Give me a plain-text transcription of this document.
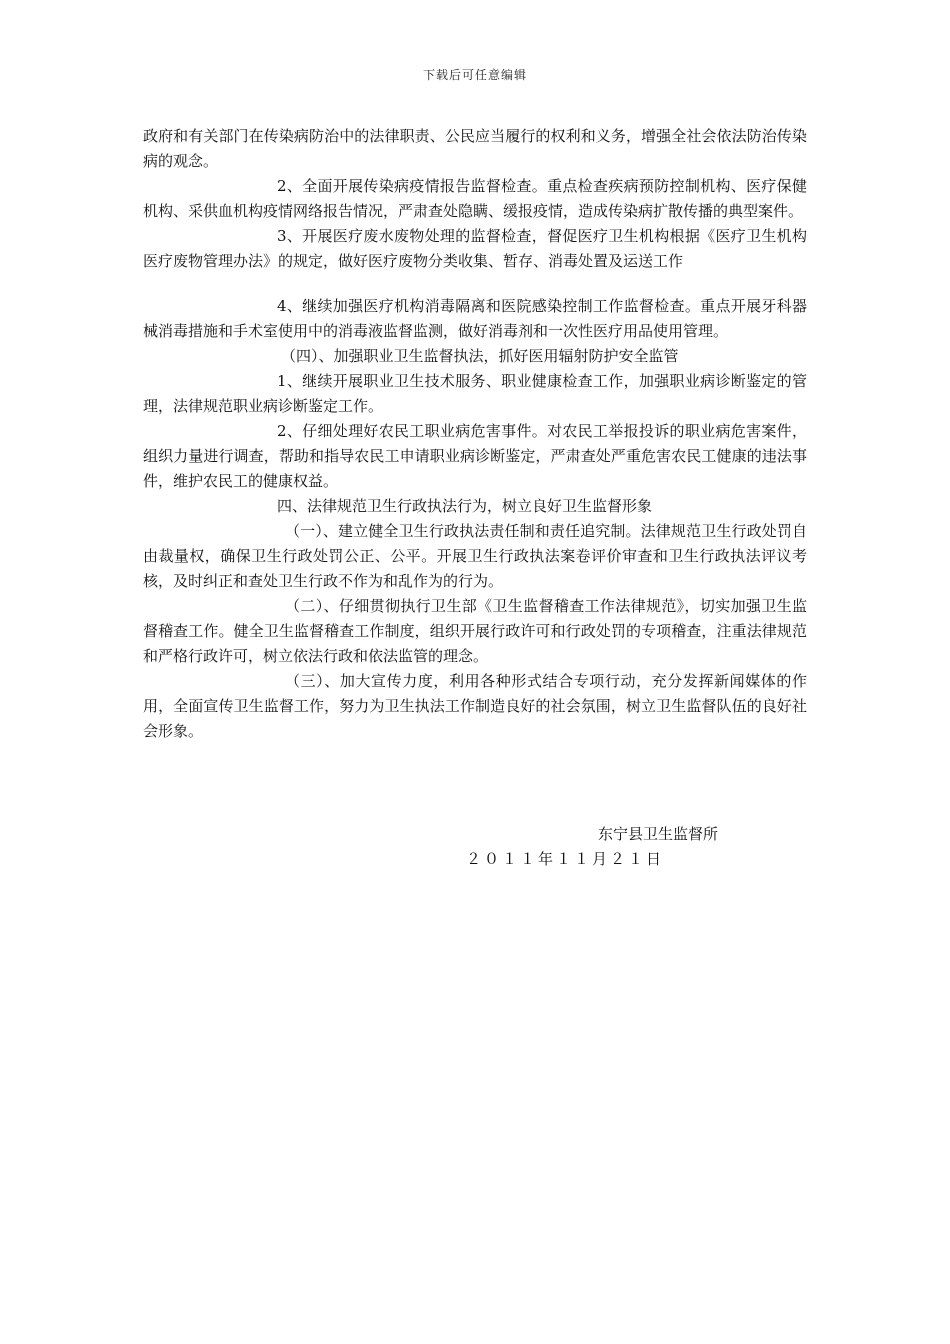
下载后可任意编辑

政府和有关部门在传染病防治中的法律职责、公民应当履行的权利和义务，增强全社会依法防治传染病的观念。

2、全面开展传染病疫情报告监督检查。重点检查疾病预防控制机构、医疗保健机构、采供血机构疫情网络报告情况，严肃查处隐瞒、缓报疫情，造成传染病扩散传播的典型案件。

3、开展医疗废水废物处理的监督检查，督促医疗卫生机构根据《医疗卫生机构医疗废物管理办法》的规定，做好医疗废物分类收集、暂存、消毒处置及运送工作

4、继续加强医疗机构消毒隔离和医院感染控制工作监督检查。重点开展牙科器械消毒措施和手术室使用中的消毒液监督监测，做好消毒剂和一次性医疗用品使用管理。

（四）、加强职业卫生监督执法，抓好医用辐射防护安全监管

1、继续开展职业卫生技术服务、职业健康检查工作，加强职业病诊断鉴定的管理，法律规范职业病诊断鉴定工作。

2、仔细处理好农民工职业病危害事件。对农民工举报投诉的职业病危害案件，组织力量进行调查，帮助和指导农民工申请职业病诊断鉴定，严肃查处严重危害农民工健康的违法事件，维护农民工的健康权益。

四、法律规范卫生行政执法行为，树立良好卫生监督形象

（一）、建立健全卫生行政执法责任制和责任追究制。法律规范卫生行政处罚自由裁量权，确保卫生行政处罚公正、公平。开展卫生行政执法案卷评价审查和卫生行政执法评议考核，及时纠正和查处卫生行政不作为和乱作为的行为。

（二）、仔细贯彻执行卫生部《卫生监督稽查工作法律规范》，切实加强卫生监督稽查工作。健全卫生监督稽查工作制度，组织开展行政许可和行政处罚的专项稽查，注重法律规范和严格行政许可，树立依法行政和依法监管的理念。

（三）、加大宣传力度，利用各种形式结合专项行动，充分发挥新闻媒体的作用，全面宣传卫生监督工作，努力为卫生执法工作制造良好的社会氛围，树立卫生监督队伍的良好社会形象。

东宁县卫生监督所
２０１１年１１月２１日
